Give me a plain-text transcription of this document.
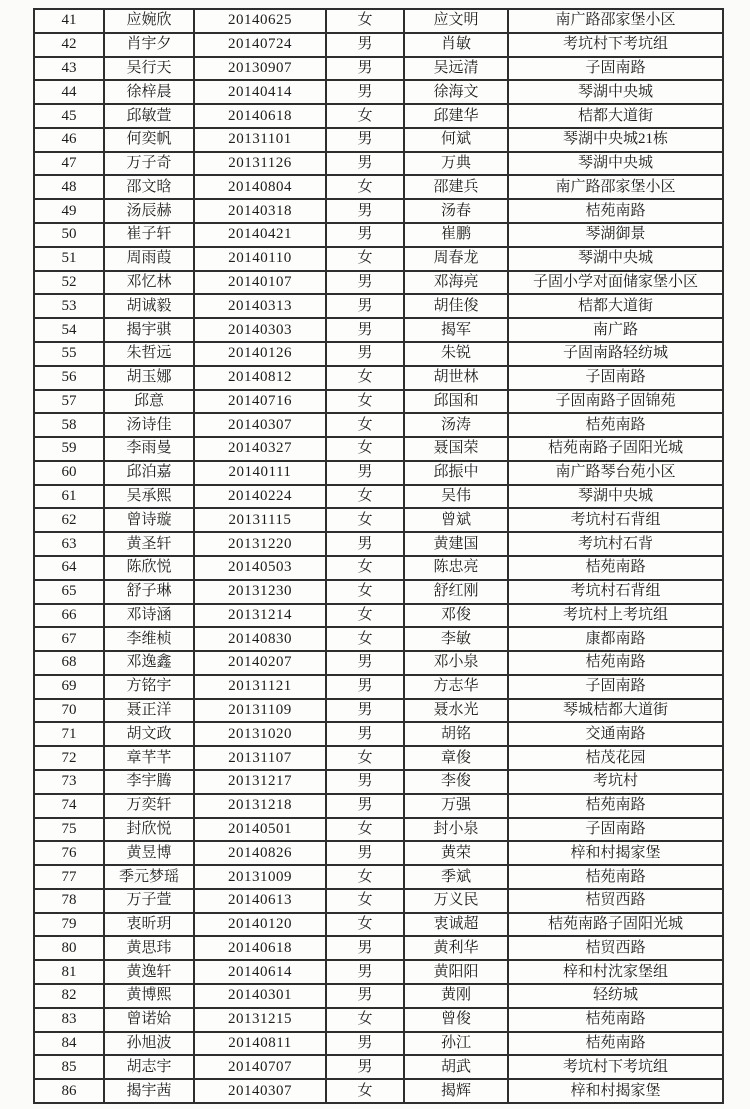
41	应婉欣	20140625	女	应文明	南广路邵家堡小区
42	肖宇夕	20140724	男	肖敏	考坑村下考坑组
43	吴行天	20130907	男	吴远清	子固南路
44	徐梓晨	20140414	男	徐海文	琴湖中央城
45	邱敏萱	20140618	女	邱建华	桔都大道街
46	何奕帆	20131101	男	何斌	琴湖中央城21栋
47	万子奇	20131126	男	万典	琴湖中央城
48	邵文晗	20140804	女	邵建兵	南广路邵家堡小区
49	汤辰赫	20140318	男	汤春	桔苑南路
50	崔子轩	20140421	男	崔鹏	琴湖御景
51	周雨葭	20140110	女	周春龙	琴湖中央城
52	邓忆林	20140107	男	邓海亮	子固小学对面储家堡小区
53	胡诚毅	20140313	男	胡佳俊	桔都大道街
54	揭宇骐	20140303	男	揭军	南广路
55	朱哲远	20140126	男	朱锐	子固南路轻纺城
56	胡玉娜	20140812	女	胡世林	子固南路
57	邱意	20140716	女	邱国和	子固南路子固锦苑
58	汤诗佳	20140307	女	汤涛	桔苑南路
59	李雨曼	20140327	女	聂国荣	桔苑南路子固阳光城
60	邱泊嘉	20140111	男	邱振中	南广路琴台苑小区
61	吴承熙	20140224	女	吴伟	琴湖中央城
62	曾诗璇	20131115	女	曾斌	考坑村石背组
63	黄圣轩	20131220	男	黄建国	考坑村石背
64	陈欣悦	20140503	女	陈忠亮	桔苑南路
65	舒子琳	20131230	女	舒红刚	考坑村石背组
66	邓诗涵	20131214	女	邓俊	考坑村上考坑组
67	李维桢	20140830	女	李敏	康都南路
68	邓逸鑫	20140207	男	邓小泉	桔苑南路
69	方铭宇	20131121	男	方志华	子固南路
70	聂正洋	20131109	男	聂水光	琴城桔都大道街
71	胡文政	20131020	男	胡铭	交通南路
72	章芊芊	20131107	女	章俊	桔茂花园
73	李宇腾	20131217	男	李俊	考坑村
74	万奕轩	20131218	男	万强	桔苑南路
75	封欣悦	20140501	女	封小泉	子固南路
76	黄昱博	20140826	男	黄荣	梓和村揭家堡
77	季元梦瑶	20131009	女	季斌	桔苑南路
78	万子萱	20140613	女	万义民	桔贸西路
79	衷昕玥	20140120	女	衷诚超	桔苑南路子固阳光城
80	黄思玮	20140618	男	黄利华	桔贸西路
81	黄逸轩	20140614	男	黄阳阳	梓和村沈家堡组
82	黄博熙	20140301	男	黄刚	轻纺城
83	曾诺姶	20131215	女	曾俊	桔苑南路
84	孙旭波	20140811	男	孙江	桔苑南路
85	胡志宇	20140707	男	胡武	考坑村下考坑组
86	揭宇茜	20140307	女	揭辉	梓和村揭家堡
